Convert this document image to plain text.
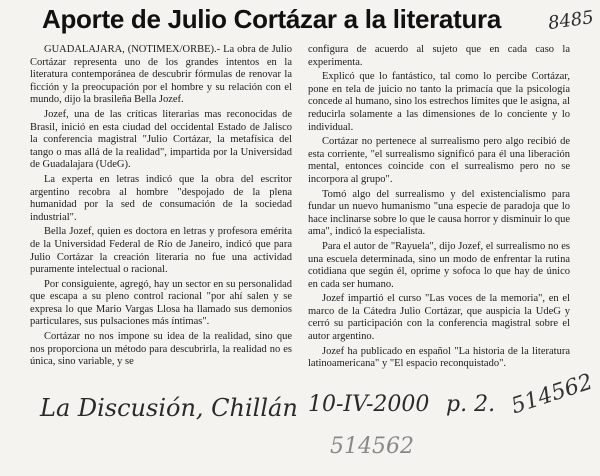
Aporte de Julio Cortázar a la literatura	8485

GUADALAJARA, (NOTIMEX/ORBE).- La obra de Julio Cortázar representa uno de los grandes intentos en la literatura contemporánea de descubrir fórmulas de renovar la ficción y la preocupación por el hombre y su relación con el mundo, dijo la brasileña Bella Jozef.

Jozef, una de las críticas literarias mas reconocidas de Brasil, inició en esta ciudad del occidental Estado de Jalisco la conferencia magistral "Julio Cortázar, la metafísica del tango o mas allá de la realidad", impartida por la Universidad de Guadalajara (UdeG).

La experta en letras indicó que la obra del escritor argentino recobra al hombre "despojado de la plena humanidad por la sed de consumación de la sociedad industrial".

Bella Jozef, quien es doctora en letras y profesora emérita de la Universidad Federal de Río de Janeiro, indicó que para Julio Cortázar la creación literaria no fue una actividad puramente intelectual o racional.

Por consiguiente, agregó, hay un sector en su personalidad que escapa a su pleno control racional "por ahí salen y se expresa lo que Mario Vargas Llosa ha llamado sus demonios particulares, sus pulsaciones más íntimas".

Cortázar no nos impone su idea de la realidad, sino que nos proporciona un método para descubrirla, la realidad no es única, sino variable, y se

configura de acuerdo al sujeto que en cada caso la experimenta.

Explicó que lo fantástico, tal como lo percibe Cortázar, pone en tela de juicio no tanto la primacía que la psicología concede al humano, sino los estrechos límites que le asigna, al reducirla solamente a las dimensiones de lo conciente y lo individual.

Cortázar no pertenece al surrealismo pero algo recibió de esta corriente, "el surrealismo significó para él una liberación mental, entonces coincide con el surrealismo pero no se incorpora al grupo".

Tomó algo del surrealismo y del existencialismo para fundar un nuevo humanismo "una especie de paradoja que lo hace inclinarse sobre lo que le causa horror y disminuir lo que ama", indicó la especialista.

Para el autor de "Rayuela", dijo Jozef, el surrealismo no es una escuela determinada, sino un modo de enfrentar la rutina cotidiana que según él, oprime y sofoca lo que hay de único en cada ser humano.

Jozef impartió el curso "Las voces de la memoria", en el marco de la Cátedra Julio Cortázar, que auspicia la UdeG y cerró su participación con la conferencia magistral sobre el autor argentino.

Jozef ha publicado en español "La historia de la literatura latinoamericana" y "El espacio reconquistado".

La Discusión, Chillán 10-IV-2000 p. 2. 514562
514562
